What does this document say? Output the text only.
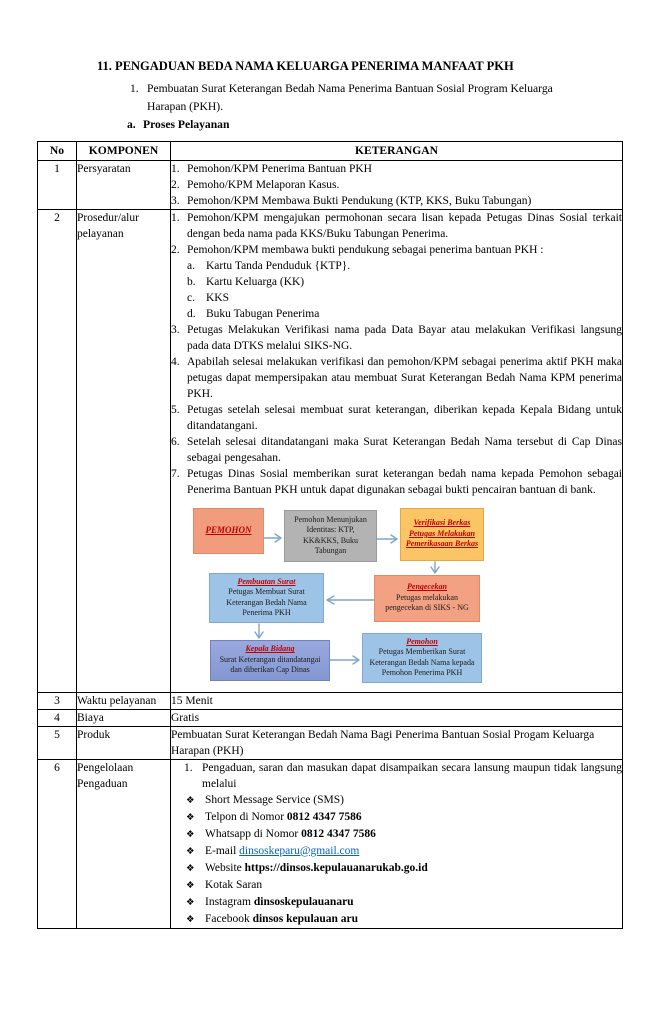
11. PENGADUAN BEDA NAMA KELUARGA PENERIMA MANFAAT PKH
1. Pembuatan Surat Keterangan Bedah Nama Penerima Bantuan Sosial Program Keluarga Harapan (PKH).
a. Proses Pelayanan
No	KOMPONEN	KETERANGAN
1	Persyaratan	1. Pemohon/KPM Penerima Bantuan PKH
2. Pemoho/KPM Melaporan Kasus.
3. Pemohon/KPM Membawa Bukti Pendukung (KTP, KKS, Buku Tabungan)

2	Prosedur/alur pelayanan	
1. Pemohon/KPM mengajukan permohonan secara lisan kepada Petugas Dinas Sosial terkait dengan beda nama pada KKS/Buku Tabungan Penerima.
2. Pemohon/KPM membawa bukti pendukung sebagai penerima bantuan PKH :
a. Kartu Tanda Penduduk {KTP}.
b. Kartu Keluarga (KK)
c. KKS
d. Buku Tabugan Penerima
3. Petugas Melakukan Verifikasi nama pada Data Bayar atau melakukan Verifikasi langsung pada data DTKS melalui SIKS-NG.
4. Apabilah selesai melakukan verifikasi dan pemohon/KPM sebagai penerima aktif PKH maka petugas dapat mempersipakan atau membuat Surat Keterangan Bedah Nama KPM penerima PKH.
5. Petugas setelah selesai membuat surat keterangan, diberikan kepada Kepala Bidang untuk ditandatangani.
6. Setelah selesai ditandatangani maka Surat Keterangan Bedah Nama tersebut di Cap Dinas sebagai pengesahan.
7. Petugas Dinas Sosial memberikan surat keterangan bedah nama kepada Pemohon sebagai Penerima Bantuan PKH untuk dapat digunakan sebagai bukti pencairan bantuan di bank.
PEMOHON
Pemohon Menunjukan Identitas: KTP, KK&KKS, Buku Tabungan
Verifikasi Berkas Petugas Melakukan Pemerikasaan Berkas
Pembuatan Surat
Petugas Membuat Surat Keterangan Bedah Nama Penerima PKH
Pengecekan
Petugas melakukan pengecekan di SIKS - NG
Kepala Bidang
Surat Keterangan ditandatangai dan diberikan Cap Dinas
Pemohon
Petugas Memberikan Surat Keterangan Bedah Nama kepada Pemohon Penerima PKH

3	Waktu pelayanan	15 Menit
4	Biaya	Gratis
5	Produk	Pembuatan Surat Keterangan Bedah Nama Bagi Penerima Bantuan Sosial Progam Keluarga Harapan (PKH)
6	Pengelolaan Pengaduan	
1. Pengaduan, saran dan masukan dapat disampaikan secara lansung maupun tidak langsung melalui
❖ Short Message Service (SMS)
❖ Telpon di Nomor 0812 4347 7586
❖ Whatsapp di Nomor 0812 4347 7586
❖ E-mail dinsoskeparu@gmail.com
❖ Website https://dinsos.kepulauanarukab.go.id
❖ Kotak Saran
❖ Instagram dinsoskepulauanaru
❖ Facebook dinsos kepulauan aru
